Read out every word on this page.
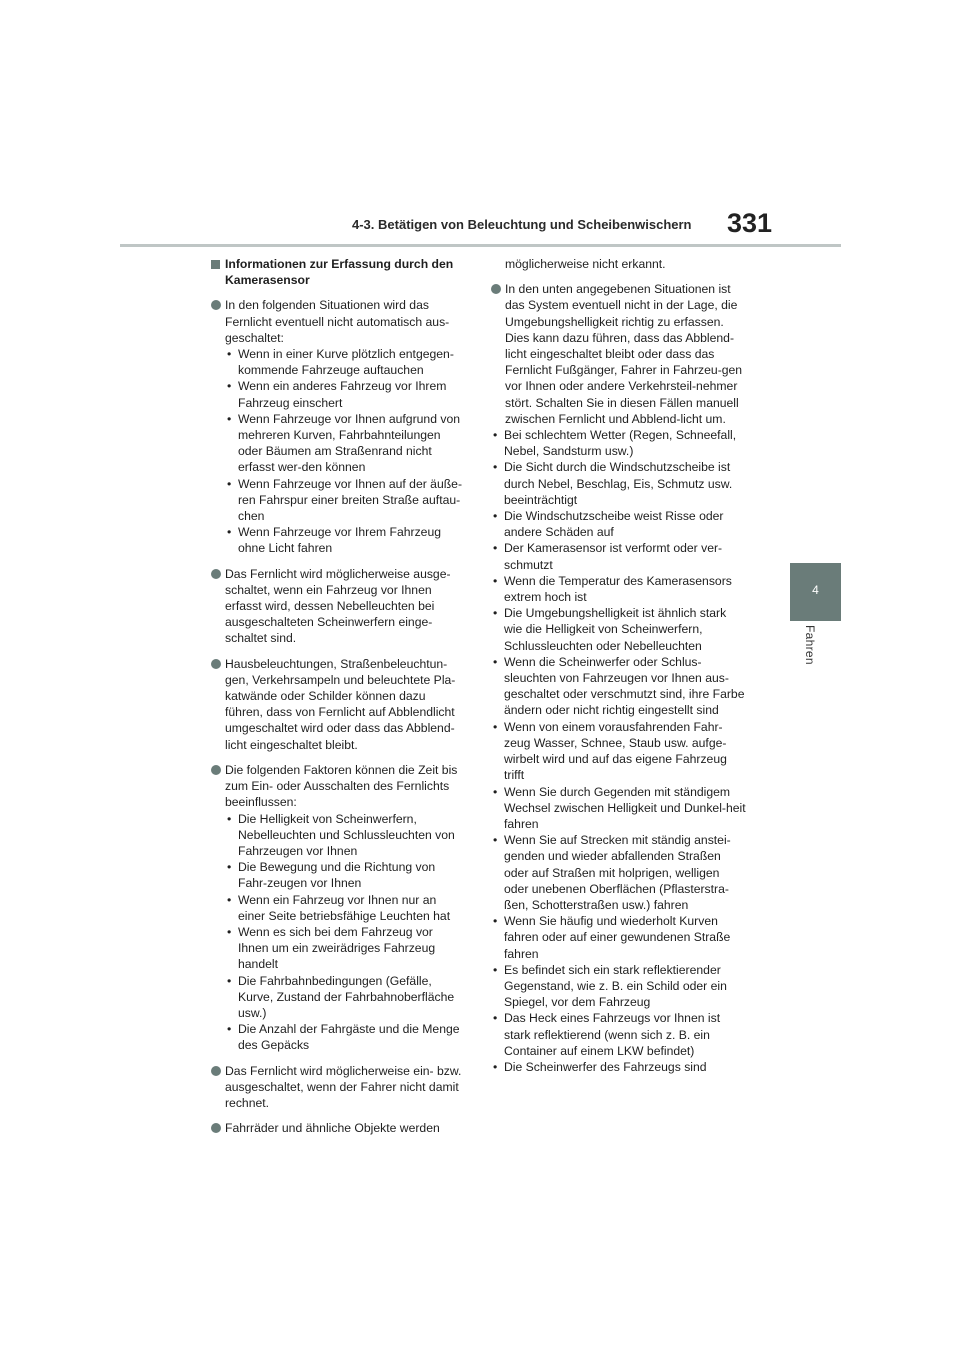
4-3. Betätigen von Beleuchtung und Scheibenwischern 331
4
Fahren
Informationen zur Erfassung durch den Kamerasensor
In den folgenden Situationen wird das Fernlicht eventuell nicht automatisch aus-geschaltet:
• Wenn in einer Kurve plötzlich entgegen-kommende Fahrzeuge auftauchen
• Wenn ein anderes Fahrzeug vor Ihrem Fahrzeug einschert
• Wenn Fahrzeuge vor Ihnen aufgrund von mehreren Kurven, Fahrbahnteilungen oder Bäumen am Straßenrand nicht erfasst wer-den können
• Wenn Fahrzeuge vor Ihnen auf der äuße-ren Fahrspur einer breiten Straße auftau-chen
• Wenn Fahrzeuge vor Ihrem Fahrzeug ohne Licht fahren
Das Fernlicht wird möglicherweise ausge-schaltet, wenn ein Fahrzeug vor Ihnen erfasst wird, dessen Nebelleuchten bei ausgeschalteten Scheinwerfern einge-schaltet sind.
Hausbeleuchtungen, Straßenbeleuchtun-gen, Verkehrsampeln und beleuchtete Pla-katwände oder Schilder können dazu führen, dass von Fernlicht auf Abblendlicht umgeschaltet wird oder dass das Abblend-licht eingeschaltet bleibt.
Die folgenden Faktoren können die Zeit bis zum Ein- oder Ausschalten des Fernlichts beeinflussen:
• Die Helligkeit von Scheinwerfern, Nebelleuchten und Schlussleuchten von Fahrzeugen vor Ihnen
• Die Bewegung und die Richtung von Fahr-zeugen vor Ihnen
• Wenn ein Fahrzeug vor Ihnen nur an einer Seite betriebsfähige Leuchten hat
• Wenn es sich bei dem Fahrzeug vor Ihnen um ein zweirädriges Fahrzeug handelt
• Die Fahrbahnbedingungen (Gefälle, Kurve, Zustand der Fahrbahnoberfläche usw.)
• Die Anzahl der Fahrgäste und die Menge des Gepäcks
Das Fernlicht wird möglicherweise ein- bzw. ausgeschaltet, wenn der Fahrer nicht damit rechnet.
Fahrräder und ähnliche Objekte werden
möglicherweise nicht erkannt.
In den unten angegebenen Situationen ist das System eventuell nicht in der Lage, die Umgebungshelligkeit richtig zu erfassen. Dies kann dazu führen, dass das Abblend-licht eingeschaltet bleibt oder dass das Fernlicht Fußgänger, Fahrer in Fahrzeu-gen vor Ihnen oder andere Verkehrsteil-nehmer stört. Schalten Sie in diesen Fällen manuell zwischen Fernlicht und Abblend-licht um.
• Bei schlechtem Wetter (Regen, Schneefall, Nebel, Sandsturm usw.)
• Die Sicht durch die Windschutzscheibe ist durch Nebel, Beschlag, Eis, Schmutz usw. beeinträchtigt
• Die Windschutzscheibe weist Risse oder andere Schäden auf
• Der Kamerasensor ist verformt oder ver-schmutzt
• Wenn die Temperatur des Kamerasensors extrem hoch ist
• Die Umgebungshelligkeit ist ähnlich stark wie die Helligkeit von Scheinwerfern, Schlussleuchten oder Nebelleuchten
• Wenn die Scheinwerfer oder Schlus-sleuchten von Fahrzeugen vor Ihnen aus-geschaltet oder verschmutzt sind, ihre Farbe ändern oder nicht richtig eingestellt sind
• Wenn von einem vorausfahrenden Fahr-zeug Wasser, Schnee, Staub usw. aufge-wirbelt wird und auf das eigene Fahrzeug trifft
• Wenn Sie durch Gegenden mit ständigem Wechsel zwischen Helligkeit und Dunkel-heit fahren
• Wenn Sie auf Strecken mit ständig anstei-genden und wieder abfallenden Straßen oder auf Straßen mit holprigen, welligen oder unebenen Oberflächen (Pflasterstra-ßen, Schotterstraßen usw.) fahren
• Wenn Sie häufig und wiederholt Kurven fahren oder auf einer gewundenen Straße fahren
• Es befindet sich ein stark reflektierender Gegenstand, wie z. B. ein Schild oder ein Spiegel, vor dem Fahrzeug
• Das Heck eines Fahrzeugs vor Ihnen ist stark reflektierend (wenn sich z. B. ein Container auf einem LKW befindet)
• Die Scheinwerfer des Fahrzeugs sind
